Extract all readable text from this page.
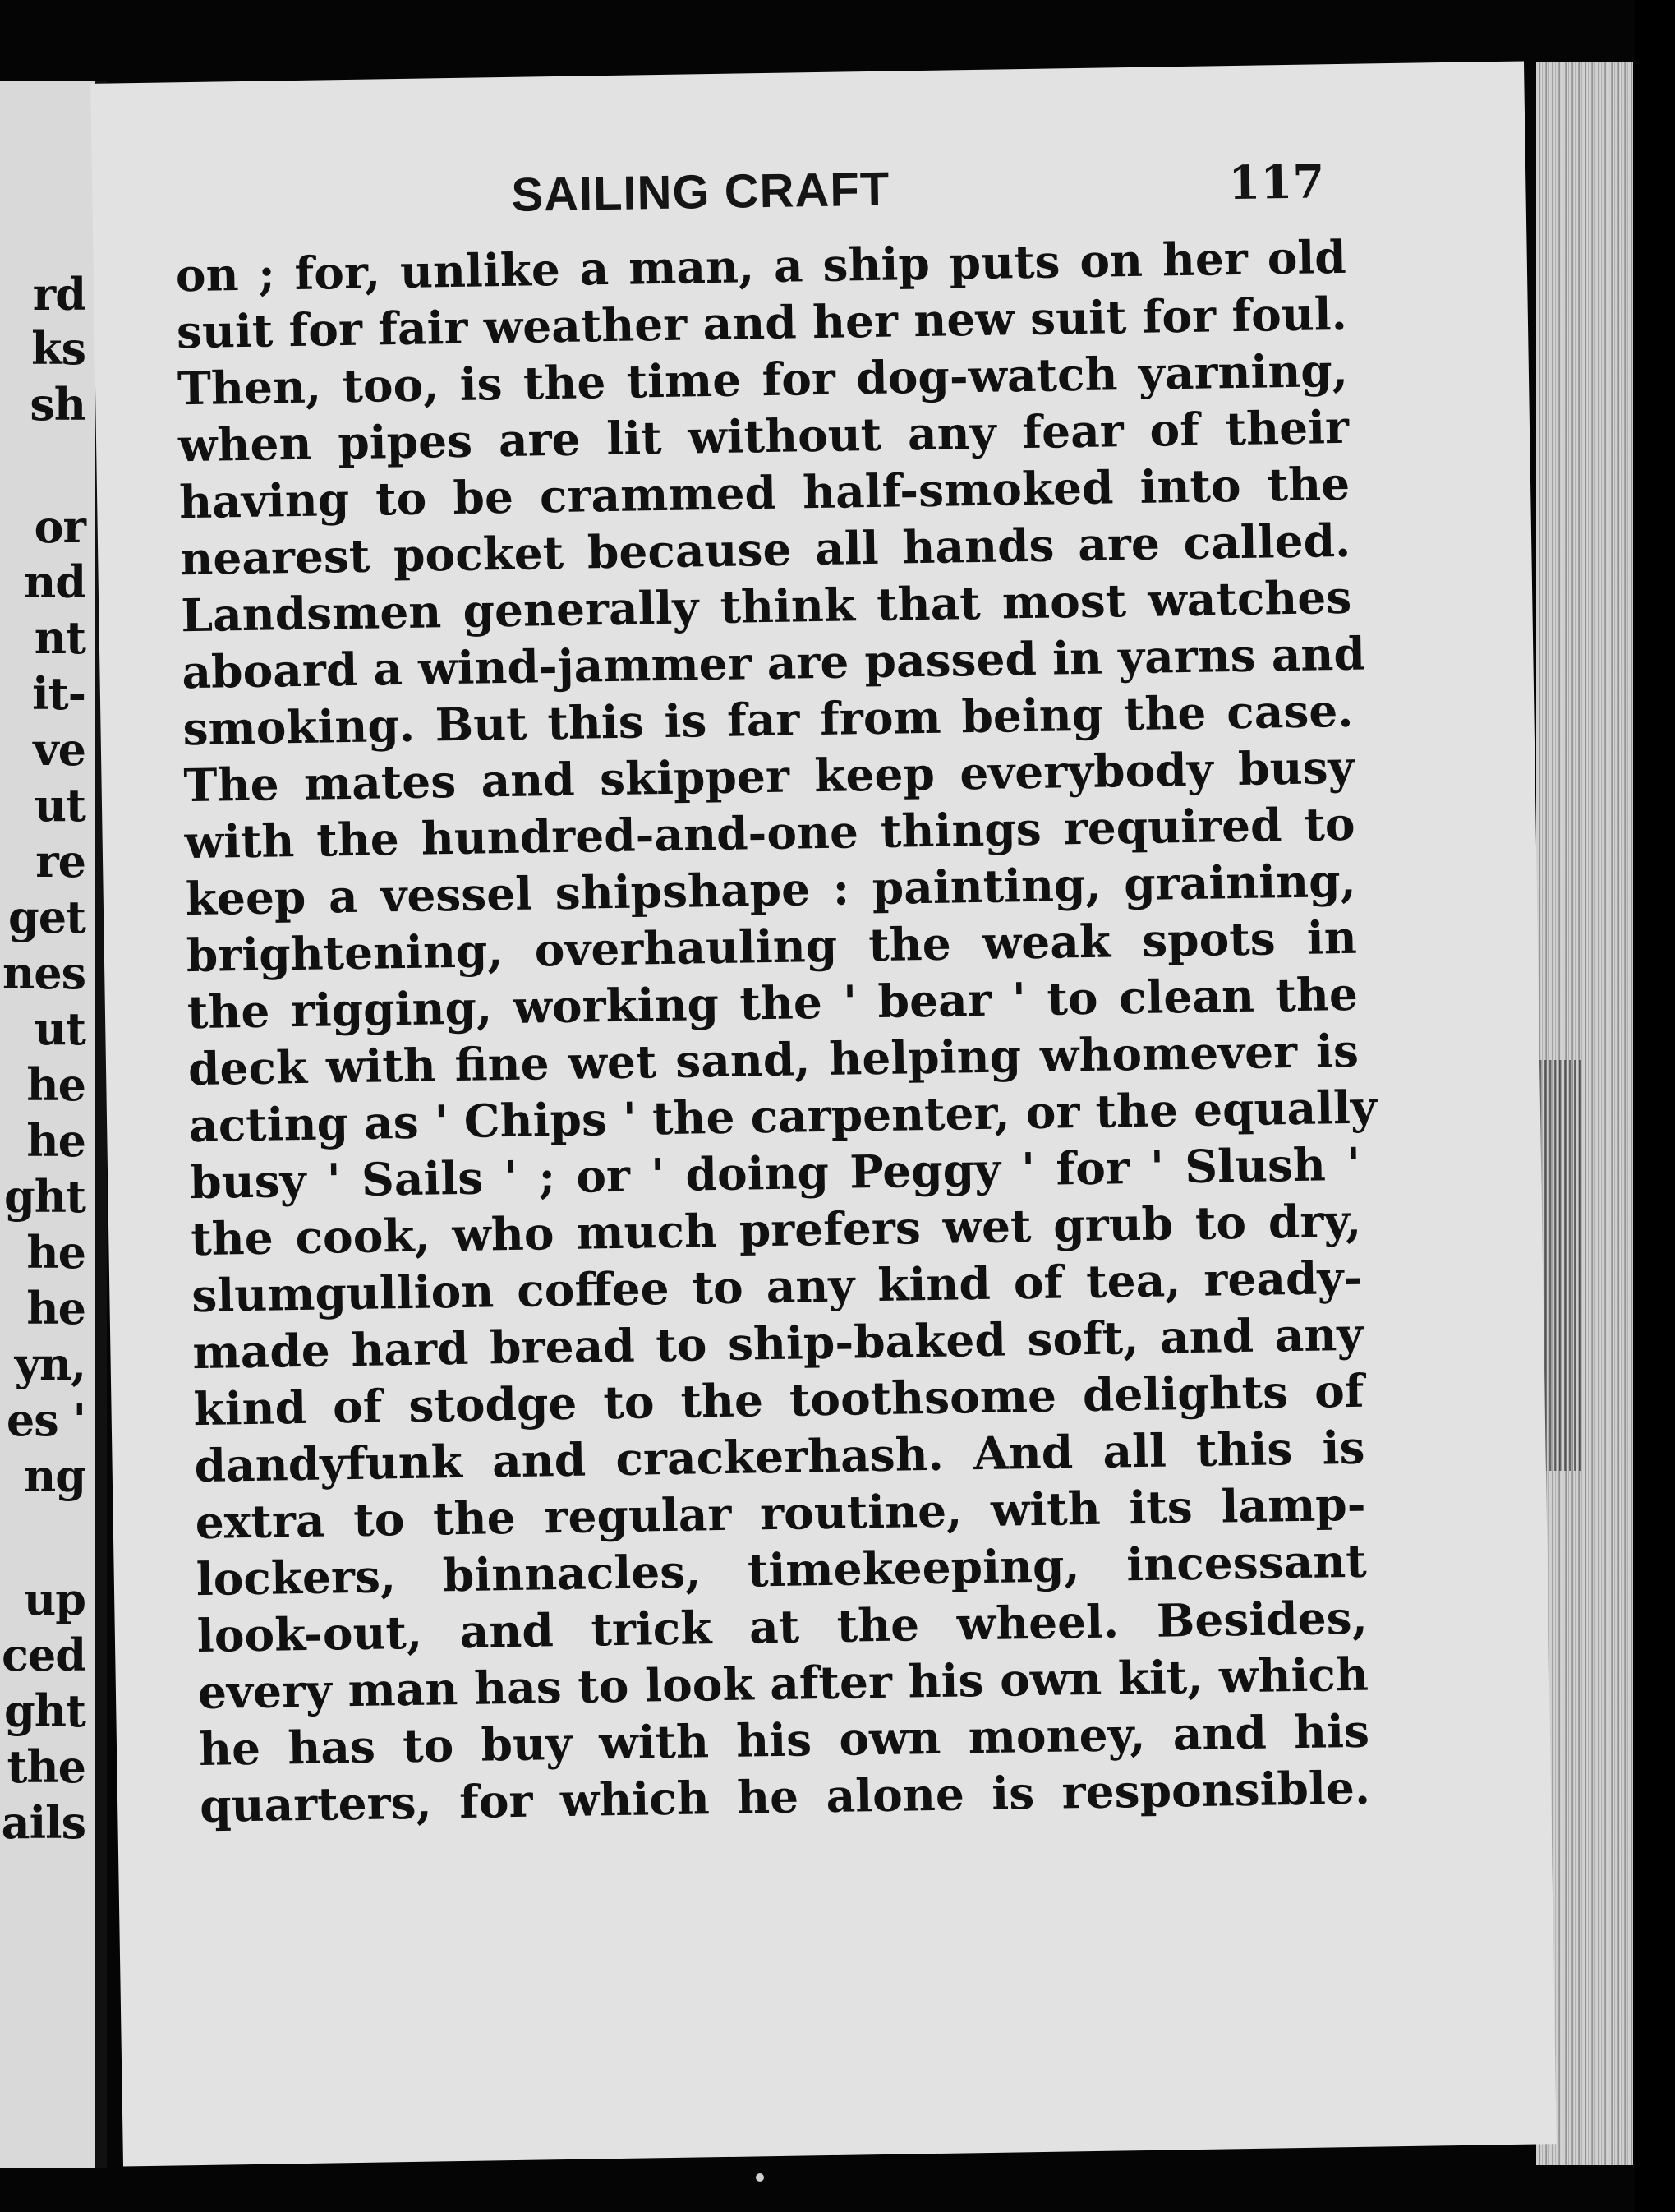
rd
ks
sh
or
nd
nt
it-
ve
ut
re
get
nes
ut
he
he
ght
he
he
yn,
es '
ng
up
ced
ght
the
ails
SAILING CRAFT	117
on ; for, unlike a man, a ship puts on her old
suit for fair weather and her new suit for foul.
Then, too, is the time for dog-watch yarning,
when pipes are lit without any fear of their
having to be crammed half-smoked into the
nearest pocket because all hands are called.
Landsmen generally think that most watches
aboard a wind-jammer are passed in yarns and
smoking. But this is far from being the case.
The mates and skipper keep everybody busy
with the hundred-and-one things required to
keep a vessel shipshape : painting, graining,
brightening, overhauling the weak spots in
the rigging, working the ' bear ' to clean the
deck with fine wet sand, helping whomever is
acting as ' Chips ' the carpenter, or the equally
busy ' Sails ' ; or ' doing Peggy ' for ' Slush '
the cook, who much prefers wet grub to dry,
slumgullion coffee to any kind of tea, ready-
made hard bread to ship-baked soft, and any
kind of stodge to the toothsome delights of
dandyfunk and crackerhash. And all this is
extra to the regular routine, with its lamp-
lockers, binnacles, timekeeping, incessant
look-out, and trick at the wheel. Besides,
every man has to look after his own kit, which
he has to buy with his own money, and his
quarters, for which he alone is responsible.
